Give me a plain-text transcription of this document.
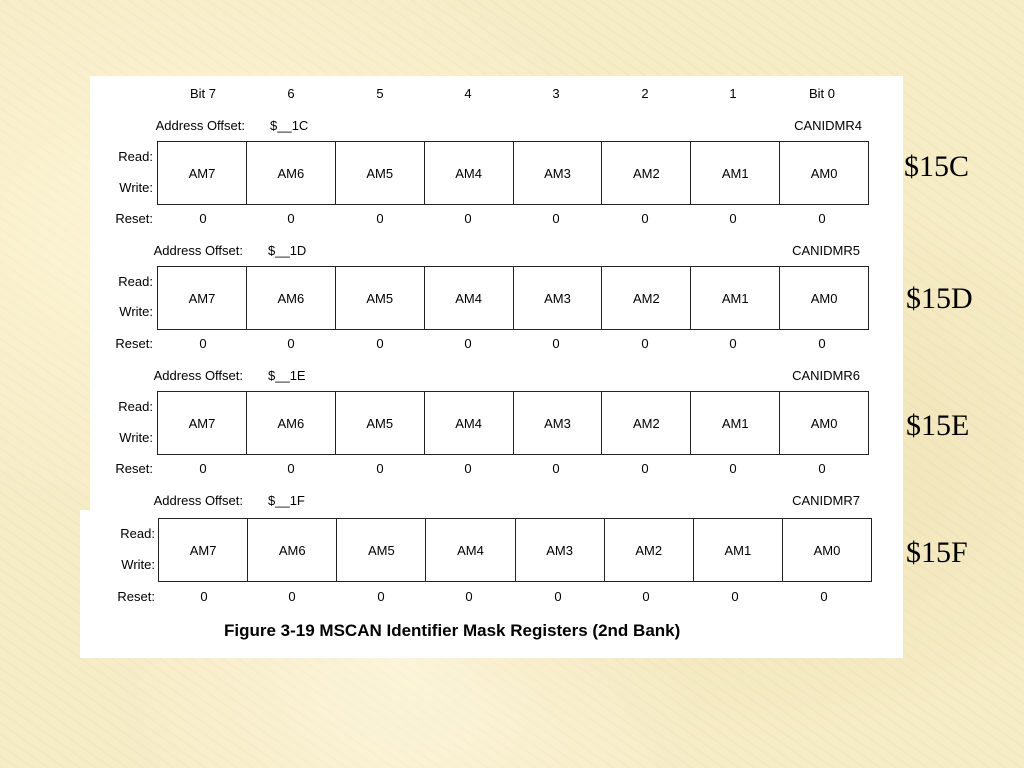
Bit 7	6	5	4	3	2	1	Bit 0
Address Offset: $__1C	CANIDMR4
Read:
Write:
AM7	AM6	AM5	AM4	AM3	AM2	AM1	AM0
Reset:	0	0	0	0	0	0	0	0
$15C
Address Offset: $__1D	CANIDMR5
Read:
Write:
AM7	AM6	AM5	AM4	AM3	AM2	AM1	AM0
Reset:	0	0	0	0	0	0	0	0
$15D
Address Offset: $__1E	CANIDMR6
Read:
Write:
AM7	AM6	AM5	AM4	AM3	AM2	AM1	AM0
Reset:	0	0	0	0	0	0	0	0
$15E
Address Offset: $__1F	CANIDMR7
Read:
Write:
AM7	AM6	AM5	AM4	AM3	AM2	AM1	AM0
Reset:	0	0	0	0	0	0	0	0
$15F
Figure 3-19 MSCAN Identifier Mask Registers (2nd Bank)
